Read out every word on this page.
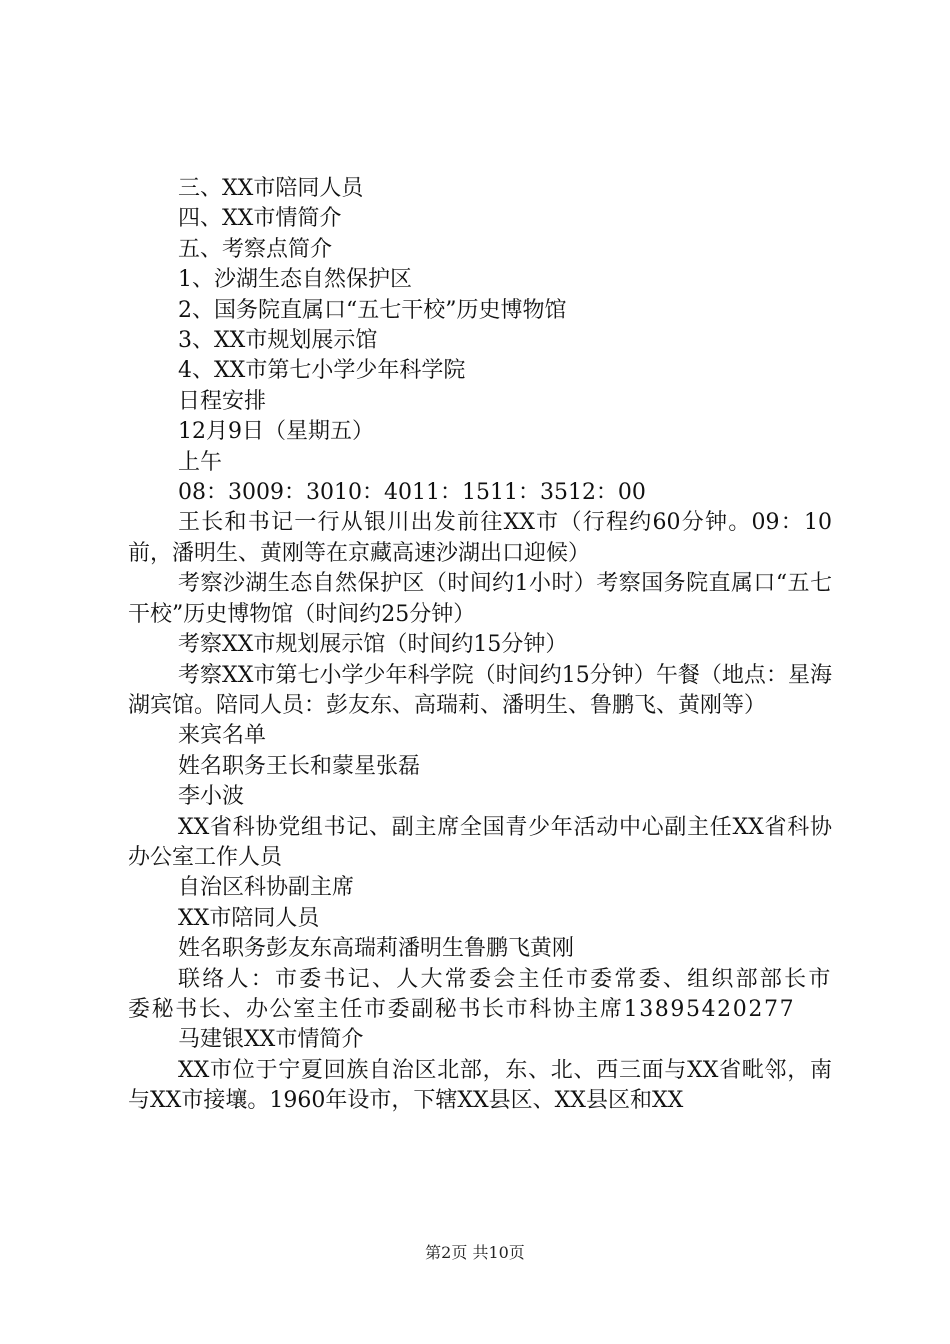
三、XX市陪同人员
四、XX市情简介
五、考察点简介
1、沙湖生态自然保护区
2、国务院直属口“五七干校”历史博物馆
3、XX市规划展示馆
4、XX市第七小学少年科学院
日程安排
12月9日（星期五）
上午
08：3009：3010：4011：1511：3512：00
王长和书记一行从银川出发前往XX市（行程约60分钟。09：10前，潘明生、黄刚等在京藏高速沙湖出口迎候）
考察沙湖生态自然保护区（时间约1小时）考察国务院直属口“五七干校”历史博物馆（时间约25分钟）
考察XX市规划展示馆（时间约15分钟）
考察XX市第七小学少年科学院（时间约15分钟）午餐（地点：星海湖宾馆。陪同人员：彭友东、高瑞莉、潘明生、鲁鹏飞、黄刚等）
来宾名单
姓名职务王长和蒙星张磊
李小波
XX省科协党组书记、副主席全国青少年活动中心副主任XX省科协办公室工作人员
自治区科协副主席
XX市陪同人员
姓名职务彭友东高瑞莉潘明生鲁鹏飞黄刚
联络人：市委书记、人大常委会主任市委常委、组织部部长市委秘书长、办公室主任市委副秘书长市科协主席13895420277
马建银XX市情简介
XX市位于宁夏回族自治区北部，东、北、西三面与XX省毗邻，南与XX市接壤。1960年设市，下辖XX县区、XX县区和XX
第2页 共10页
